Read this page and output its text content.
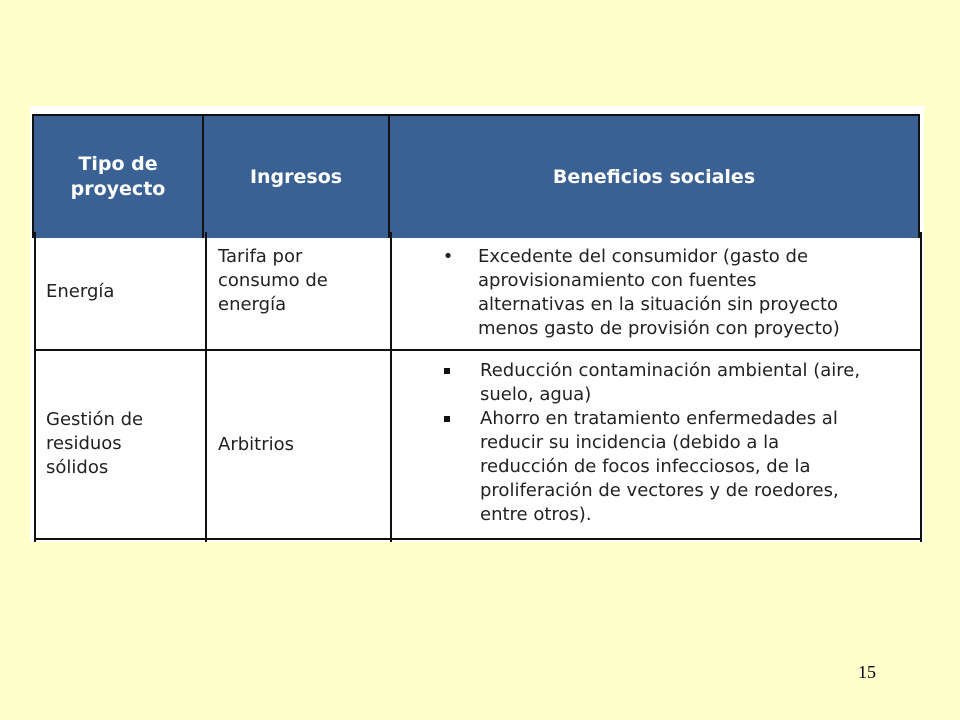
Tipo de
proyecto
Ingresos	Beneficios sociales
Energía
Tarifa por
consumo de
energía
• Excedente del consumidor (gasto de
aprovisionamiento con fuentes
alternativas en la situación sin proyecto
menos gasto de provisión con proyecto)
Gestión de
residuos
sólidos
Arbitrios
Reducción contaminación ambiental (aire,
suelo, agua)
Ahorro en tratamiento enfermedades al
reducir su incidencia (debido a la
reducción de focos infecciosos, de la
proliferación de vectores y de roedores,
entre otros).
15
